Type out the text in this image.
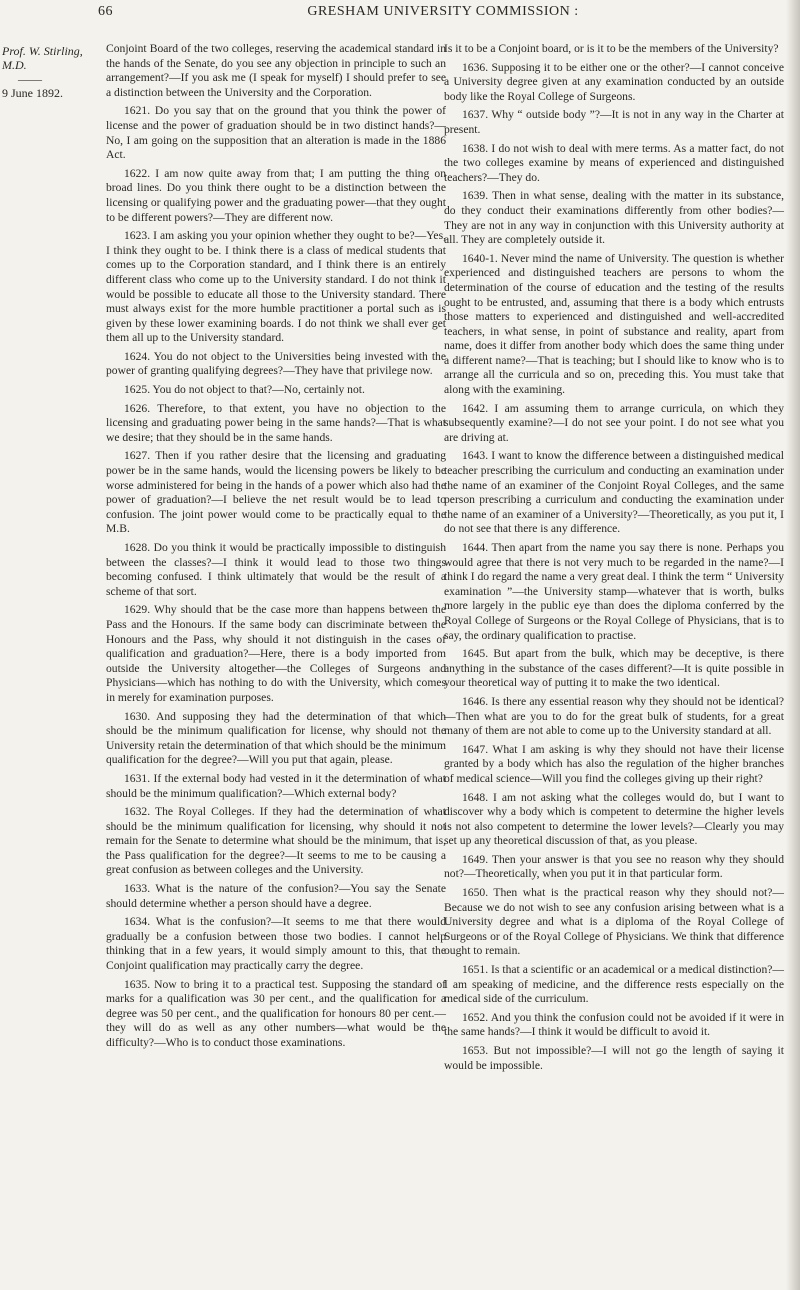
66	GRESHAM UNIVERSITY COMMISSION :
Prof. W. Stirling, M.D.
——
9 June 1892.

Conjoint Board of the two colleges, reserving the academical standard in the hands of the Senate, do you see any objection in principle to such an arrangement?—If you ask me (I speak for myself) I should prefer to see a distinction between the University and the Corporation.

1621. Do you say that on the ground that you think the power of license and the power of graduation should be in two distinct hands?—No, I am going on the supposition that an alteration is made in the 1886 Act.

1622. I am now quite away from that; I am putting the thing on broad lines. Do you think there ought to be a distinction between the licensing or qualifying power and the graduating power—that they ought to be different powers?—They are different now.

1623. I am asking you your opinion whether they ought to be?—Yes, I think they ought to be. I think there is a class of medical students that comes up to the Corporation standard, and I think there is an entirely different class who come up to the University standard. I do not think it would be possible to educate all those to the University standard. There must always exist for the more humble practitioner a portal such as is given by these lower examining boards. I do not think we shall ever get them all up to the University standard.

1624. You do not object to the Universities being invested with the power of granting qualifying degrees?—They have that privilege now.

1625. You do not object to that?—No, certainly not.

1626. Therefore, to that extent, you have no objection to the licensing and graduating power being in the same hands?—That is what we desire; that they should be in the same hands.

1627. Then if you rather desire that the licensing and graduating power be in the same hands, would the licensing powers be likely to be worse administered for being in the hands of a power which also had the power of graduation?—I believe the net result would be to lead to confusion. The joint power would come to be practically equal to the M.B.

1628. Do you think it would be practically impossible to distinguish between the classes?—I think it would lead to those two things becoming confused. I think ultimately that would be the result of a scheme of that sort.

1629. Why should that be the case more than happens between the Pass and the Honours. If the same body can discriminate between the Honours and the Pass, why should it not distinguish in the cases of qualification and graduation?—Here, there is a body imported from outside the University altogether—the Colleges of Surgeons and Physicians—which has nothing to do with the University, which comes in merely for examination purposes.

1630. And supposing they had the determination of that which should be the minimum qualification for license, why should not the University retain the determination of that which should be the minimum qualification for the degree?—Will you put that again, please.

1631. If the external body had vested in it the determination of what should be the minimum qualification?—Which external body?

1632. The Royal Colleges. If they had the determination of what should be the minimum qualification for licensing, why should it not remain for the Senate to determine what should be the minimum, that is, the Pass qualification for the degree?—It seems to me to be causing a great confusion as between colleges and the University.

1633. What is the nature of the confusion?—You say the Senate should determine whether a person should have a degree.

1634. What is the confusion?—It seems to me that there would gradually be a confusion between those two bodies. I cannot help thinking that in a few years, it would simply amount to this, that the Conjoint qualification may practically carry the degree.

1635. Now to bring it to a practical test. Supposing the standard of marks for a qualification was 30 per cent., and the qualification for a degree was 50 per cent., and the qualification for honours 80 per cent.—they will do as well as any other numbers—what would be the difficulty?—Who is to conduct those examinations.

Is it to be a Conjoint board, or is it to be the members of the University?

1636. Supposing it to be either one or the other?—I cannot conceive a University degree given at any examination conducted by an outside body like the Royal College of Surgeons.

1637. Why “ outside body ”?—It is not in any way in the Charter at present.

1638. I do not wish to deal with mere terms. As a matter fact, do not the two colleges examine by means of experienced and distinguished teachers?—They do.

1639. Then in what sense, dealing with the matter in its substance, do they conduct their examinations differently from other bodies?—They are not in any way in conjunction with this University authority at all. They are completely outside it.

1640-1. Never mind the name of University. The question is whether experienced and distinguished teachers are persons to whom the determination of the course of education and the testing of the results ought to be entrusted, and, assuming that there is a body which entrusts those matters to experienced and distinguished and well-accredited teachers, in what sense, in point of substance and reality, apart from name, does it differ from another body which does the same thing under a different name?—That is teaching; but I should like to know who is to arrange all the curricula and so on, preceding this. You must take that along with the examining.

1642. I am assuming them to arrange curricula, on which they subsequently examine?—I do not see your point. I do not see what you are driving at.

1643. I want to know the difference between a distinguished medical teacher prescribing the curriculum and conducting an examination under the name of an examiner of the Conjoint Royal Colleges, and the same person prescribing a curriculum and conducting the examination under the name of an examiner of a University?—Theoretically, as you put it, I do not see that there is any difference.

1644. Then apart from the name you say there is none. Perhaps you would agree that there is not very much to be regarded in the name?—I think I do regard the name a very great deal. I think the term “ University examination ”—the University stamp—whatever that is worth, bulks more largely in the public eye than does the diploma conferred by the Royal College of Surgeons or the Royal College of Physicians, that is to say, the ordinary qualification to practise.

1645. But apart from the bulk, which may be deceptive, is there anything in the substance of the cases different?—It is quite possible in your theoretical way of putting it to make the two identical.

1646. Is there any essential reason why they should not be identical?—Then what are you to do for the great bulk of students, for a great many of them are not able to come up to the University standard at all.

1647. What I am asking is why they should not have their license granted by a body which has also the regulation of the higher branches of medical science—Will you find the colleges giving up their right?

1648. I am not asking what the colleges would do, but I want to discover why a body which is competent to determine the higher levels is not also competent to determine the lower levels?—Clearly you may set up any theoretical discussion of that, as you please.

1649. Then your answer is that you see no reason why they should not?—Theoretically, when you put it in that particular form.

1650. Then what is the practical reason why they should not?—Because we do not wish to see any confusion arising between what is a University degree and what is a diploma of the Royal College of Surgeons or of the Royal College of Physicians. We think that difference ought to remain.

1651. Is that a scientific or an academical or a medical distinction?—I am speaking of medicine, and the difference rests especially on the medical side of the curriculum.

1652. And you think the confusion could not be avoided if it were in the same hands?—I think it would be difficult to avoid it.

1653. But not impossible?—I will not go the length of saying it would be impossible.
